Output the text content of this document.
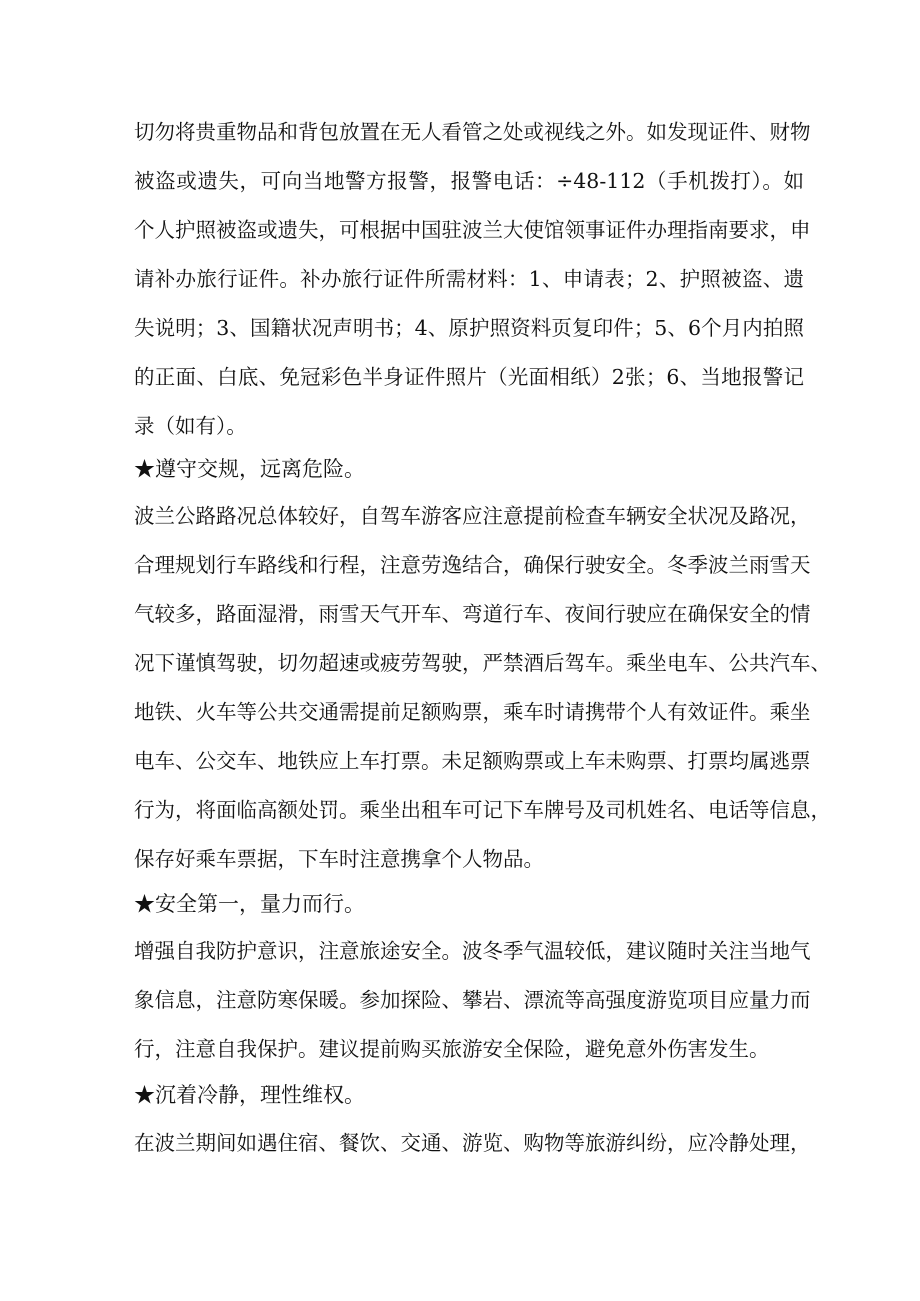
切勿将贵重物品和背包放置在无人看管之处或视线之外。如发现证件、财物
被盗或遗失，可向当地警方报警，报警电话：÷48-112（手机拨打）。如
个人护照被盗或遗失，可根据中国驻波兰大使馆领事证件办理指南要求，申
请补办旅行证件。补办旅行证件所需材料：1、申请表；2、护照被盗、遗
失说明；3、国籍状况声明书；4、原护照资料页复印件；5、6个月内拍照
的正面、白底、免冠彩色半身证件照片（光面相纸）2张；6、当地报警记
录（如有）。
★遵守交规，远离危险。
波兰公路路况总体较好，自驾车游客应注意提前检查车辆安全状况及路况，
合理规划行车路线和行程，注意劳逸结合，确保行驶安全。冬季波兰雨雪天
气较多，路面湿滑，雨雪天气开车、弯道行车、夜间行驶应在确保安全的情
况下谨慎驾驶，切勿超速或疲劳驾驶，严禁酒后驾车。乘坐电车、公共汽车、
地铁、火车等公共交通需提前足额购票，乘车时请携带个人有效证件。乘坐
电车、公交车、地铁应上车打票。未足额购票或上车未购票、打票均属逃票
行为，将面临高额处罚。乘坐出租车可记下车牌号及司机姓名、电话等信息，
保存好乘车票据，下车时注意携拿个人物品。
★安全第一，量力而行。
增强自我防护意识，注意旅途安全。波冬季气温较低，建议随时关注当地气
象信息，注意防寒保暖。参加探险、攀岩、漂流等高强度游览项目应量力而
行，注意自我保护。建议提前购买旅游安全保险，避免意外伤害发生。
★沉着冷静，理性维权。
在波兰期间如遇住宿、餐饮、交通、游览、购物等旅游纠纷，应冷静处理，
